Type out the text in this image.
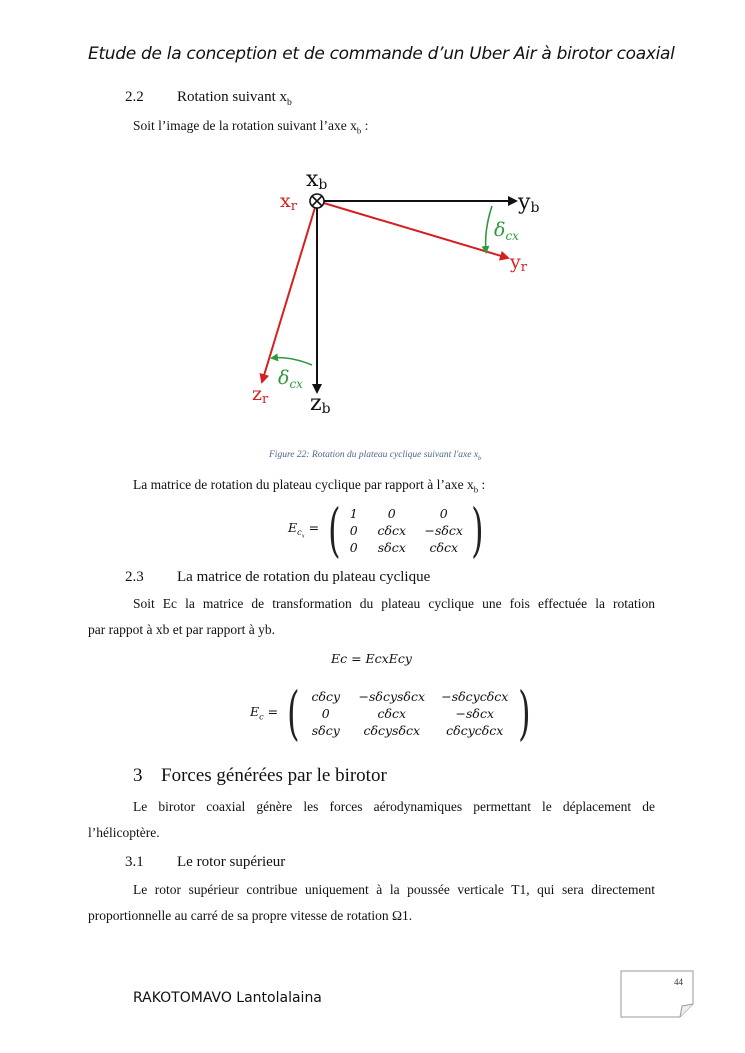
Etude de la conception et de commande d’un Uber Air à birotor coaxial
2.2 Rotation suivant $x_b$
Soit l’image de la rotation suivant l’axe $x_b$ :
xb
yb
xr
yr
zr zb
$\delta_{cx}$
$\delta_{cx}$
Figure 22: Rotation du plateau cyclique suivant l'axe $x_b$
La matrice de rotation du plateau cyclique par rapport à l’axe $x_b$ :
$E_{c_x}$ = ( 1	0	0
0	cδcx	−sδcx
0	sδcx	cδcx )
2.3 La matrice de rotation du plateau cyclique
Soit Ec la matrice de transformation du plateau cyclique une fois effectuée la rotation
par rappot à xb et par rapport à yb.
Ec = EcxEcy
$E_c$ = ( cδcy	−sδcysδcx	−sδcycδcx
0	cδcx	−sδcx
sδcy	cδcysδcx	cδcycδcx )
3 Forces générées par le birotor
Le birotor coaxial génère les forces aérodynamiques permettant le déplacement de
l’hélicoptère.
3.1 Le rotor supérieur
Le rotor supérieur contribue uniquement à la poussée verticale T1, qui sera directement
proportionnelle au carré de sa propre vitesse de rotation Ω1.
44
RAKOTOMAVO Lantolalaina
